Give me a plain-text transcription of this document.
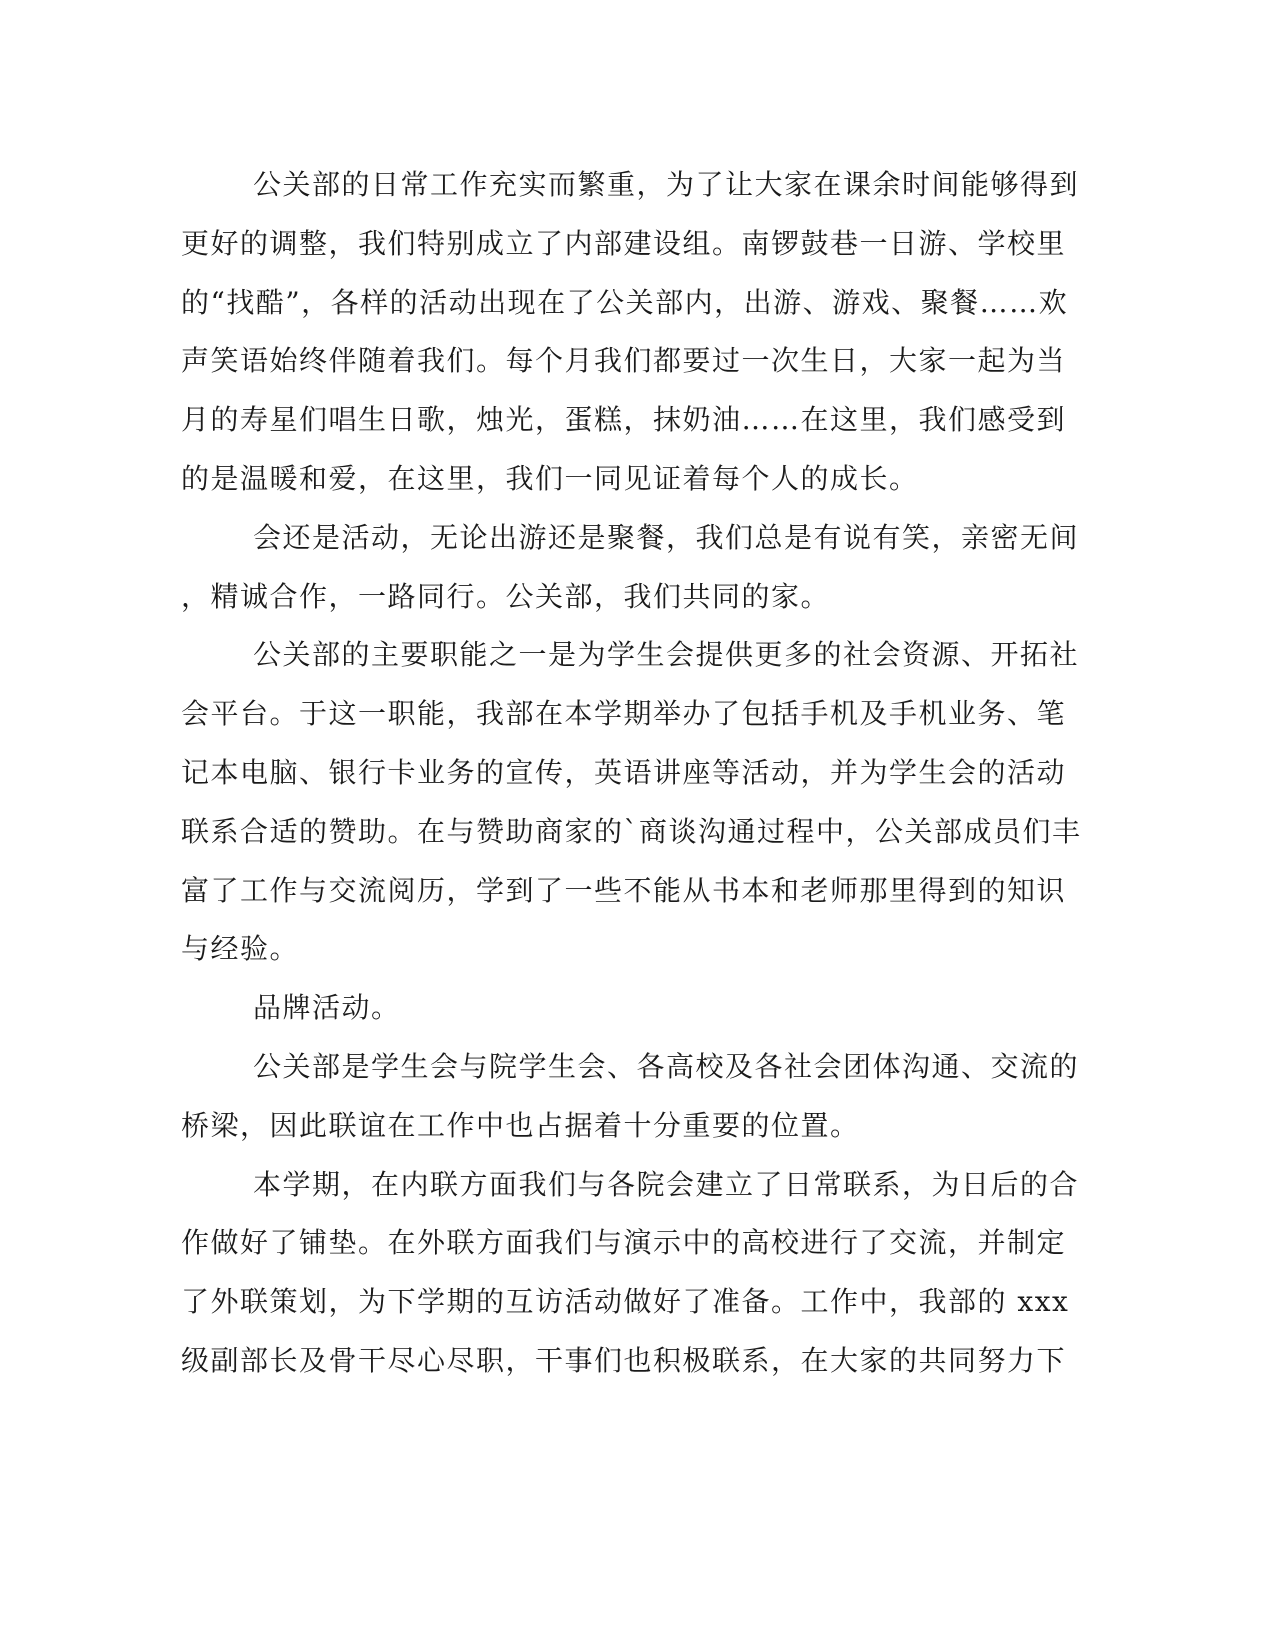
公关部的日常工作充实而繁重，为了让大家在课余时间能够得到
更好的调整，我们特别成立了内部建设组。南锣鼓巷一日游、学校里
的“找酷”，各样的活动出现在了公关部内，出游、游戏、聚餐……欢
声笑语始终伴随着我们。每个月我们都要过一次生日，大家一起为当
月的寿星们唱生日歌，烛光，蛋糕，抹奶油……在这里，我们感受到
的是温暖和爱，在这里，我们一同见证着每个人的成长。
会还是活动，无论出游还是聚餐，我们总是有说有笑，亲密无间
，精诚合作，一路同行。公关部，我们共同的家。
公关部的主要职能之一是为学生会提供更多的社会资源、开拓社
会平台。于这一职能，我部在本学期举办了包括手机及手机业务、笔
记本电脑、银行卡业务的宣传，英语讲座等活动，并为学生会的活动
联系合适的赞助。在与赞助商家的`商谈沟通过程中，公关部成员们丰
富了工作与交流阅历，学到了一些不能从书本和老师那里得到的知识
与经验。
品牌活动。
公关部是学生会与院学生会、各高校及各社会团体沟通、交流的
桥梁，因此联谊在工作中也占据着十分重要的位置。
本学期，在内联方面我们与各院会建立了日常联系，为日后的合
作做好了铺垫。在外联方面我们与演示中的高校进行了交流，并制定
了外联策划，为下学期的互访活动做好了准备。工作中，我部的 xxx
级副部长及骨干尽心尽职，干事们也积极联系，在大家的共同努力下
